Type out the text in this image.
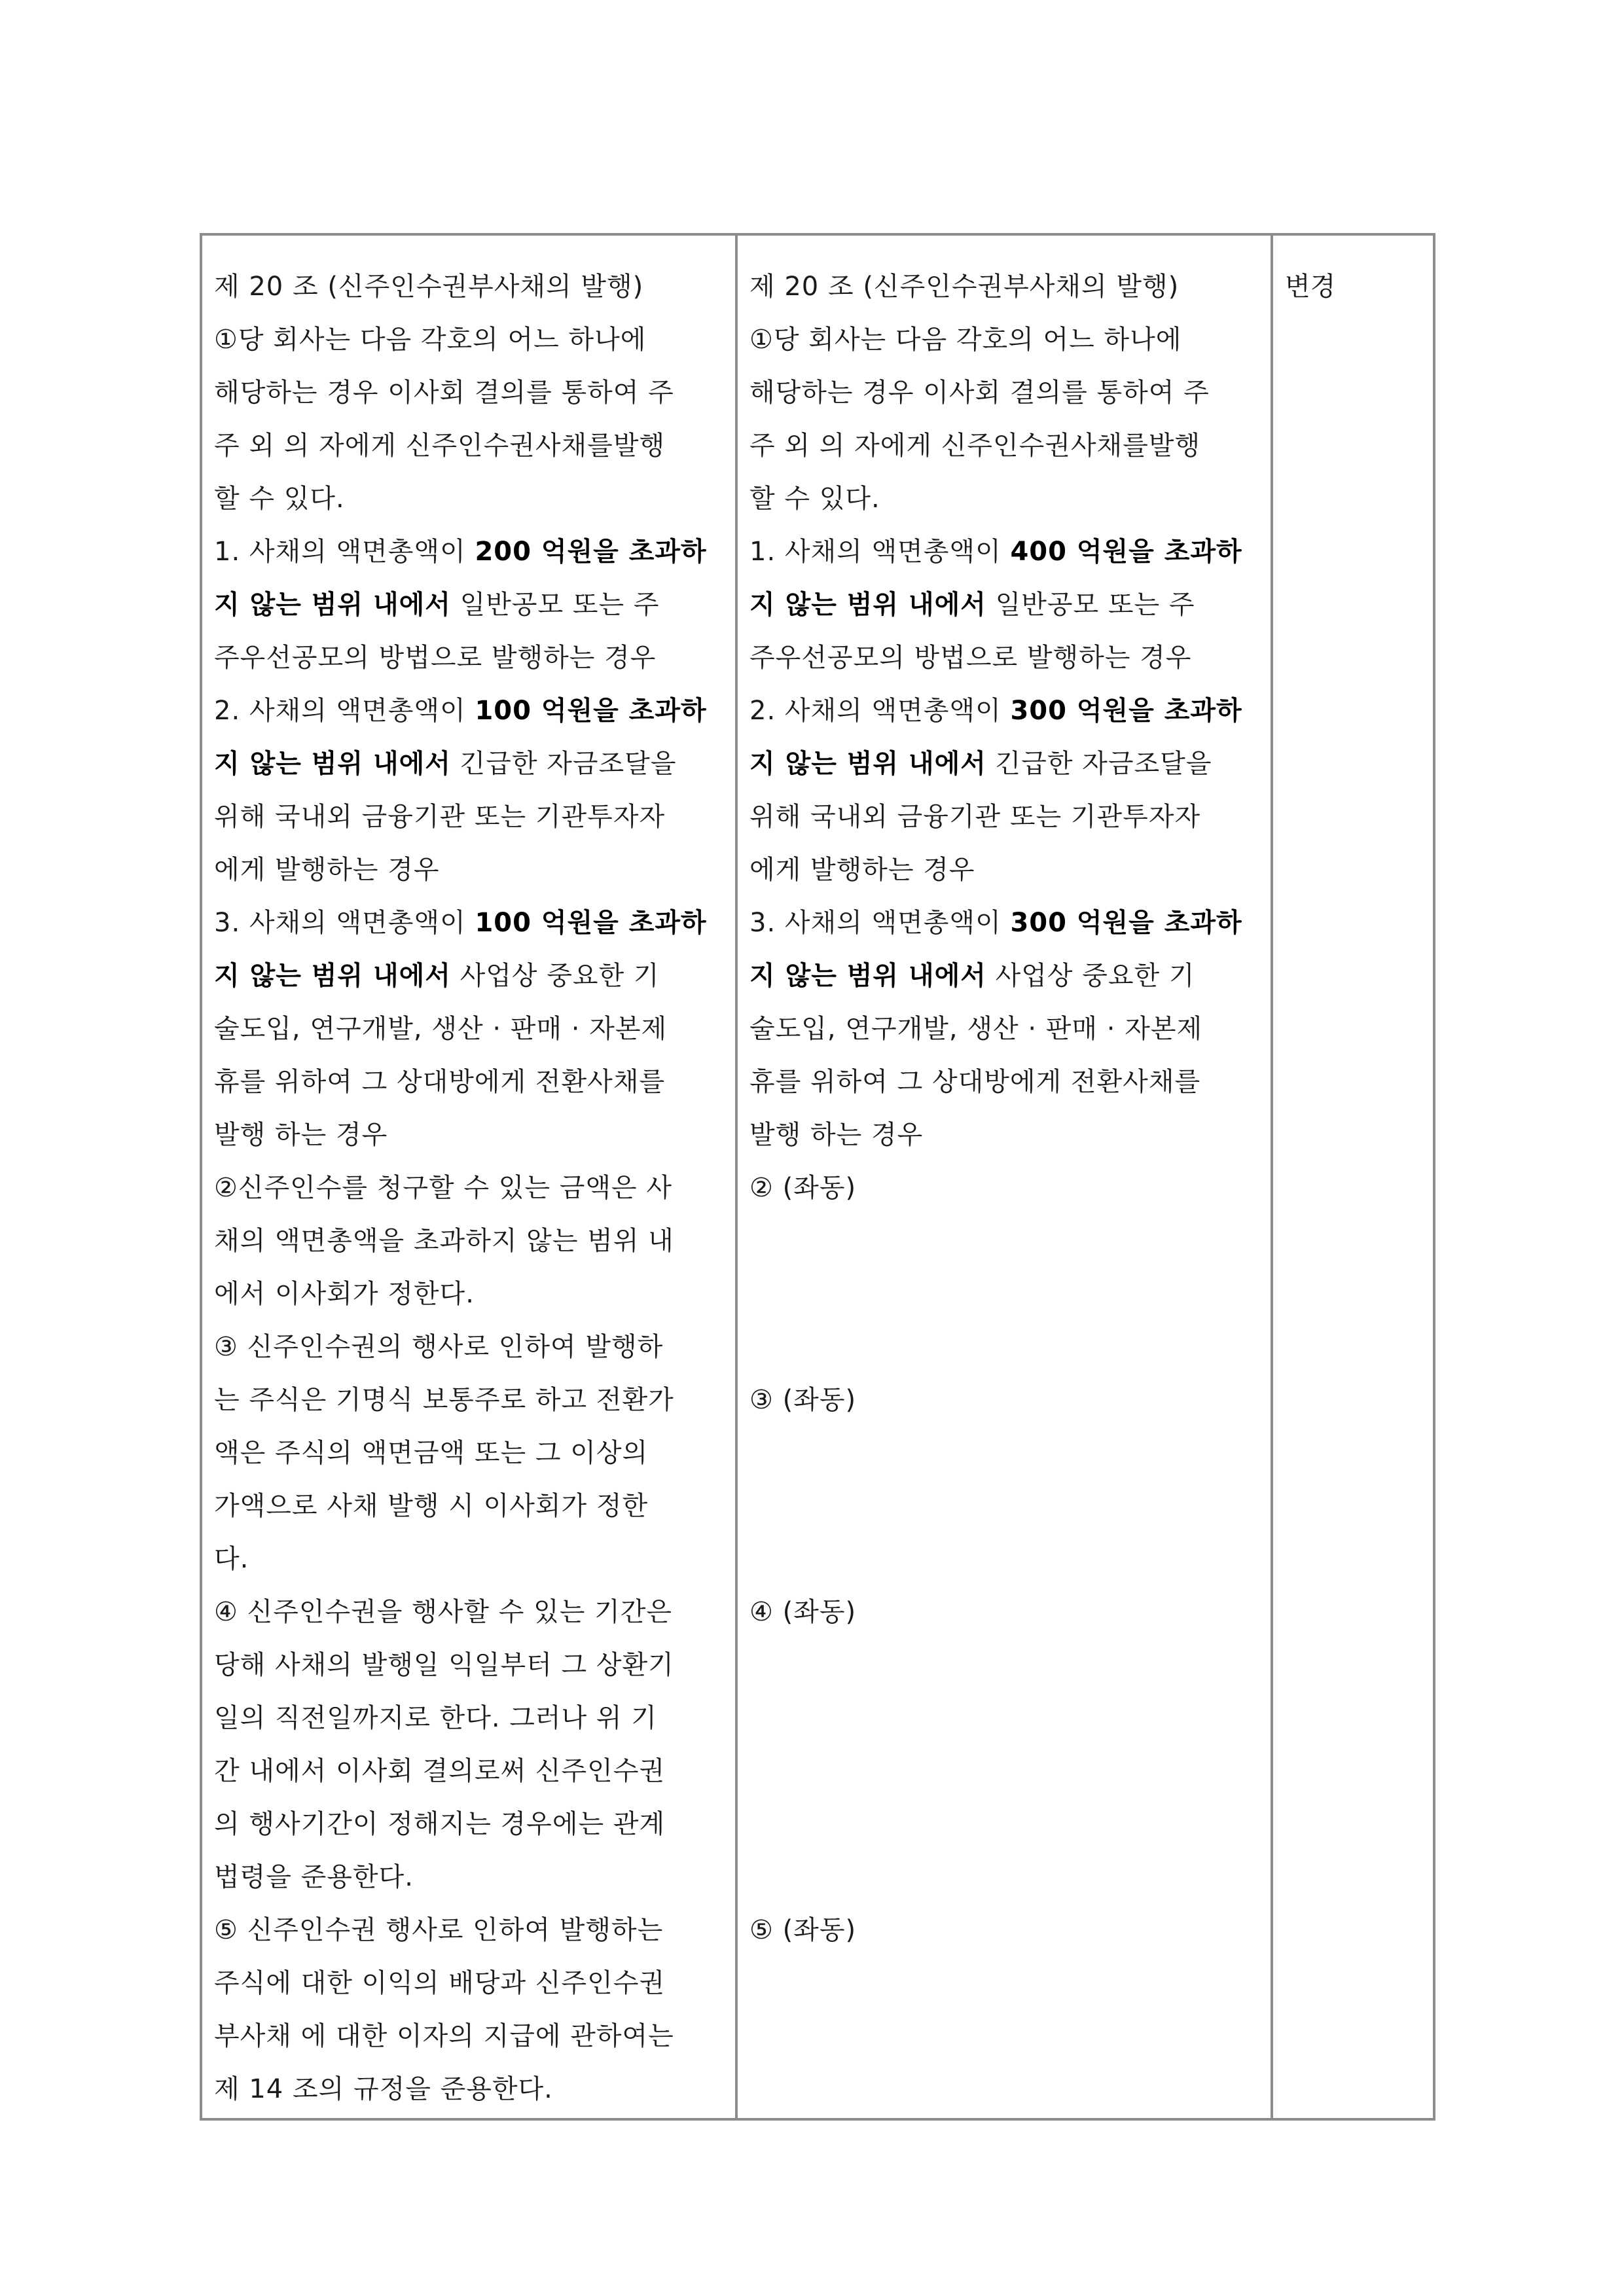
제 20 조 (신주인수권부사채의 발행)
①당 회사는 다음 각호의 어느 하나에
해당하는 경우 이사회 결의를 통하여 주
주 외 의 자에게 신주인수권사채를발행
할 수 있다.
1. 사채의 액면총액이 200 억원을 초과하
지 않는 범위 내에서 일반공모 또는 주
주우선공모의 방법으로 발행하는 경우
2. 사채의 액면총액이 100 억원을 초과하
지 않는 범위 내에서 긴급한 자금조달을
위해 국내외 금융기관 또는 기관투자자
에게 발행하는 경우
3. 사채의 액면총액이 100 억원을 초과하
지 않는 범위 내에서 사업상 중요한 기
술도입, 연구개발, 생산 · 판매 · 자본제
휴를 위하여 그 상대방에게 전환사채를
발행 하는 경우
②신주인수를 청구할 수 있는 금액은 사
채의 액면총액을 초과하지 않는 범위 내
에서 이사회가 정한다.
③ 신주인수권의 행사로 인하여 발행하
는 주식은 기명식 보통주로 하고 전환가
액은 주식의 액면금액 또는 그 이상의
가액으로 사채 발행 시 이사회가 정한
다.
④ 신주인수권을 행사할 수 있는 기간은
당해 사채의 발행일 익일부터 그 상환기
일의 직전일까지로 한다. 그러나 위 기
간 내에서 이사회 결의로써 신주인수권
의 행사기간이 정해지는 경우에는 관계
법령을 준용한다.
⑤ 신주인수권 행사로 인하여 발행하는
주식에 대한 이익의 배당과 신주인수권
부사채 에 대한 이자의 지급에 관하여는
제 14 조의 규정을 준용한다.
제 20 조 (신주인수권부사채의 발행)
①당 회사는 다음 각호의 어느 하나에
해당하는 경우 이사회 결의를 통하여 주
주 외 의 자에게 신주인수권사채를발행
할 수 있다.
1. 사채의 액면총액이 400 억원을 초과하
지 않는 범위 내에서 일반공모 또는 주
주우선공모의 방법으로 발행하는 경우
2. 사채의 액면총액이 300 억원을 초과하
지 않는 범위 내에서 긴급한 자금조달을
위해 국내외 금융기관 또는 기관투자자
에게 발행하는 경우
3. 사채의 액면총액이 300 억원을 초과하
지 않는 범위 내에서 사업상 중요한 기
술도입, 연구개발, 생산 · 판매 · 자본제
휴를 위하여 그 상대방에게 전환사채를
발행 하는 경우
② (좌동)
③ (좌동)
④ (좌동)
⑤ (좌동)
변경
